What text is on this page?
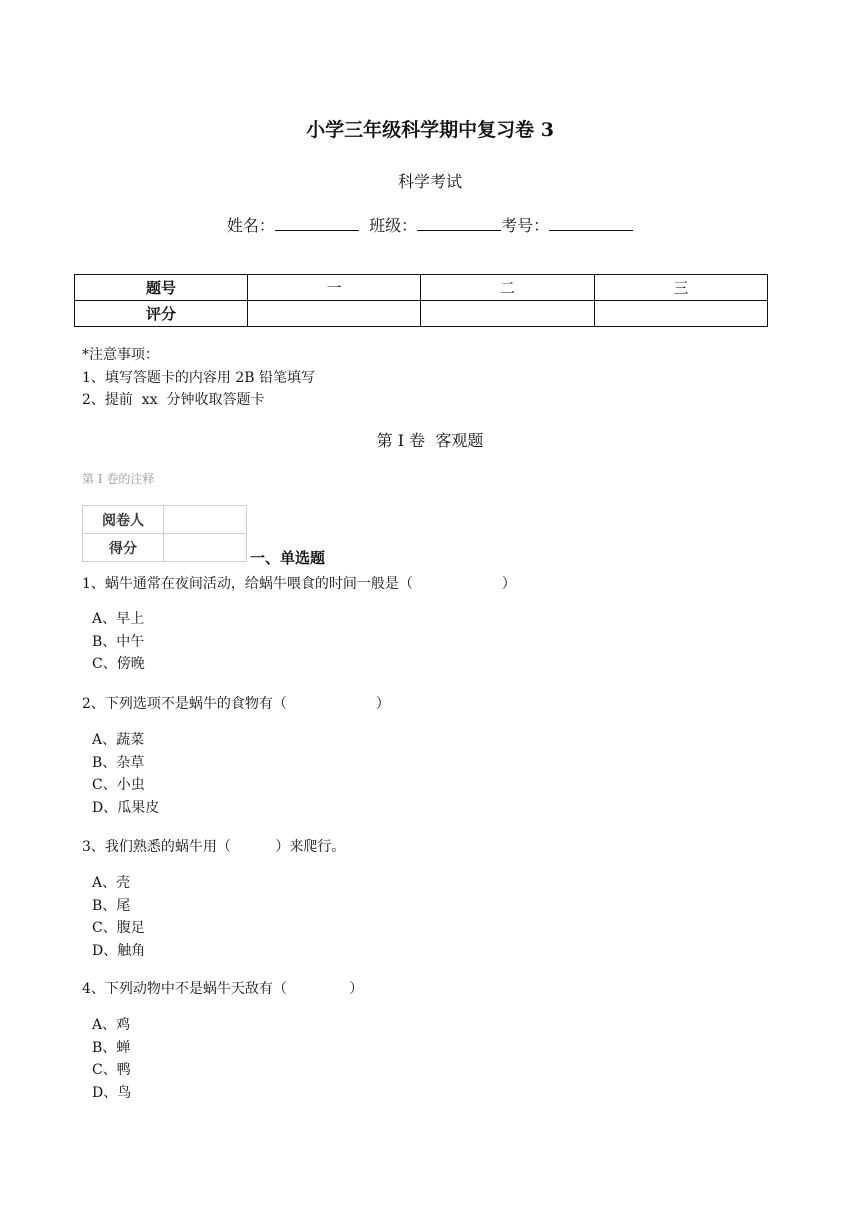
小学三年级科学期中复习卷 3
科学考试
姓名：	班级：	考号：
题号	一	二	三
评分			
*注意事项：
1、填写答题卡的内容用 2B 铅笔填写
2、提前  xx  分钟收取答题卡
第 I 卷  客观题
第 I 卷的注释
阅卷人	
得分	
一、单选题
1、蜗牛通常在夜间活动，给蜗牛喂食的时间一般是（                    ）
A、早上
B、中午
C、傍晚
2、下列选项不是蜗牛的食物有（                    ）
A、蔬菜
B、杂草
C、小虫
D、瓜果皮
3、我们熟悉的蜗牛用（          ）来爬行。
A、壳
B、尾
C、腹足
D、触角
4、下列动物中不是蜗牛天敌有（              ）
A、鸡
B、蝉
C、鸭
D、鸟
